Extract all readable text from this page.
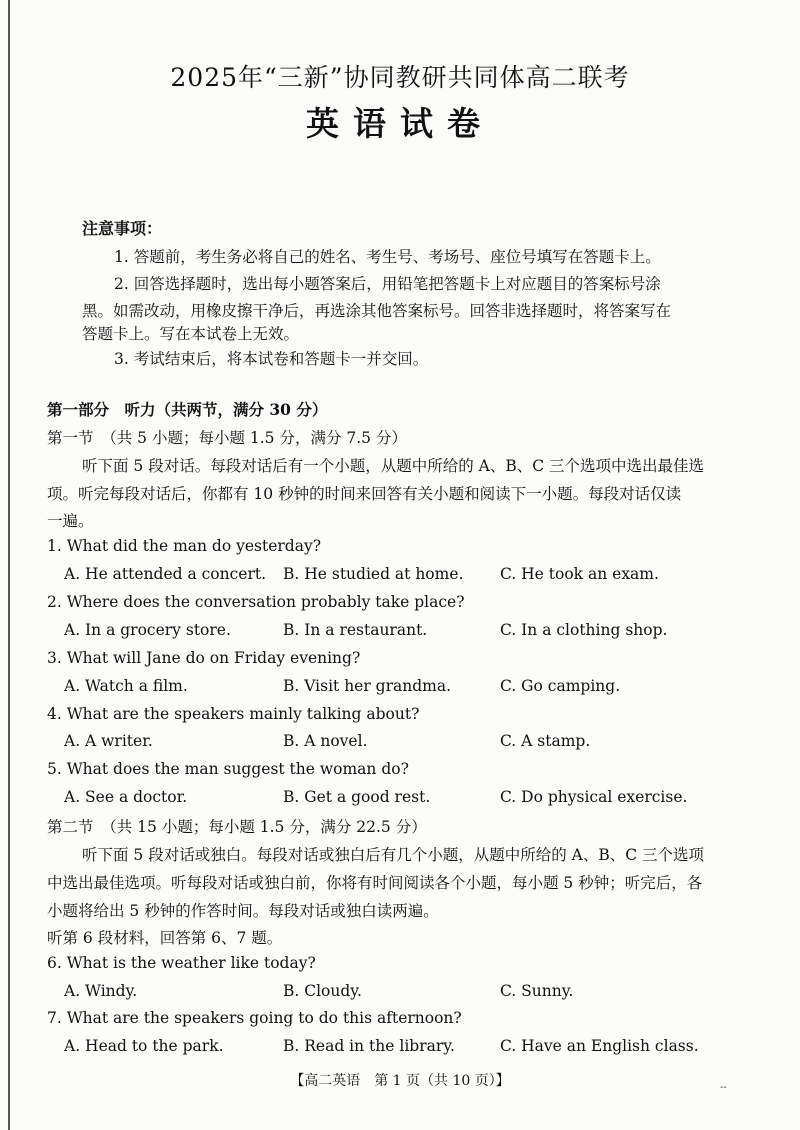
2025年“三新”协同教研共同体高二联考
英语试卷
注意事项：
1. 答题前，考生务必将自己的姓名、考生号、考场号、座位号填写在答题卡上。
2. 回答选择题时，选出每小题答案后，用铅笔把答题卡上对应题目的答案标号涂
黑。如需改动，用橡皮擦干净后，再选涂其他答案标号。回答非选择题时，将答案写在
答题卡上。写在本试卷上无效。
3. 考试结束后，将本试卷和答题卡一并交回。
第一部分　听力（共两节，满分 30 分）
第一节　（共 5 小题；每小题 1.5 分，满分 7.5 分）
听下面 5 段对话。每段对话后有一个小题，从题中所给的 A、B、C 三个选项中选出最佳选
项。听完每段对话后，你都有 10 秒钟的时间来回答有关小题和阅读下一小题。每段对话仅读
一遍。
1. What did the man do yesterday?
A. He attended a concert. B. He studied at home. C. He took an exam.
2. Where does the conversation probably take place?
A. In a grocery store.	B. In a restaurant.	C. In a clothing shop.
3. What will Jane do on Friday evening?
A. Watch a film.	B. Visit her grandma.	C. Go camping.
4. What are the speakers mainly talking about?
A. A writer.	B. A novel.	C. A stamp.
5. What does the man suggest the woman do?
A. See a doctor.	B. Get a good rest.	C. Do physical exercise.
第二节　（共 15 小题；每小题 1.5 分，满分 22.5 分）
听下面 5 段对话或独白。每段对话或独白后有几个小题，从题中所给的 A、B、C 三个选项
中选出最佳选项。听每段对话或独白前，你将有时间阅读各个小题，每小题 5 秒钟；听完后，各
小题将给出 5 秒钟的作答时间。每段对话或独白读两遍。
听第 6 段材料，回答第 6、7 题。
6. What is the weather like today?
A. Windy.	B. Cloudy.	C. Sunny.
7. What are the speakers going to do this afternoon?
A. Head to the park.	B. Read in the library.	C. Have an English class.
【高二英语　第 1 页（共 10 页）】	--
